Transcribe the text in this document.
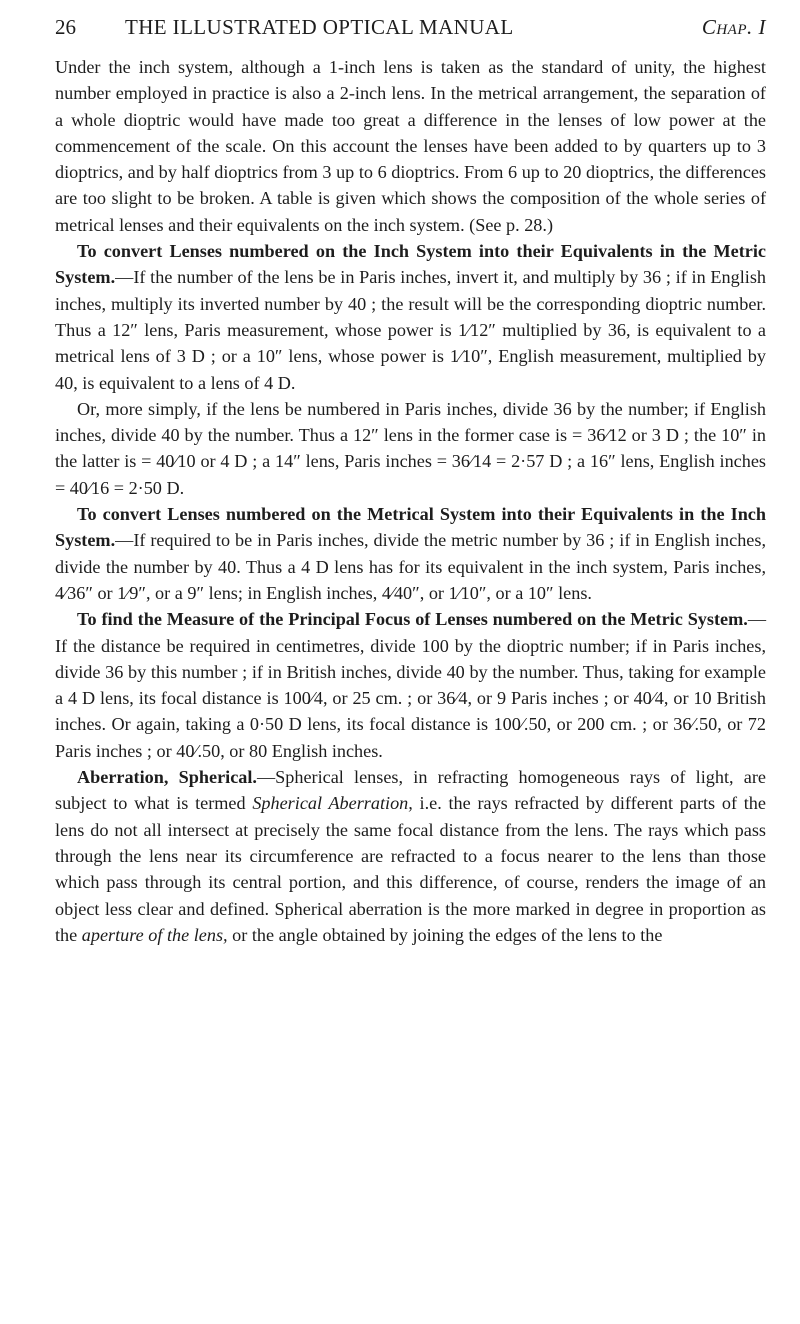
26 THE ILLUSTRATED OPTICAL MANUAL	Chap. I

Under the inch system, although a 1-inch lens is taken as the standard of unity, the highest number employed in practice is also a 2-inch lens. In the metrical arrangement, the separation of a whole dioptric would have made too great a difference in the lenses of low power at the commencement of the scale. On this account the lenses have been added to by quarters up to 3 dioptrics, and by half dioptrics from 3 up to 6 dioptrics. From 6 up to 20 dioptrics, the differences are too slight to be broken. A table is given which shows the composition of the whole series of metrical lenses and their equivalents on the inch system. (See p. 28.)

To convert Lenses numbered on the Inch System into their Equivalents in the Metric System.—If the number of the lens be in Paris inches, invert it, and multiply by 36 ; if in English inches, multiply its inverted number by 40 ; the result will be the corresponding dioptric number. Thus a 12″ lens, Paris measurement, whose power is 1⁄12″ multiplied by 36, is equivalent to a metrical lens of 3 D ; or a 10″ lens, whose power is 1⁄10″, English measurement, multiplied by 40, is equivalent to a lens of 4 D.

Or, more simply, if the lens be numbered in Paris inches, divide 36 by the number; if English inches, divide 40 by the number. Thus a 12″ lens in the former case is = 36⁄12 or 3 D ; the 10″ in the latter is = 40⁄10 or 4 D ; a 14″ lens, Paris inches = 36⁄14 = 2·57 D ; a 16″ lens, English inches = 40⁄16 = 2·50 D.

To convert Lenses numbered on the Metrical System into their Equivalents in the Inch System.—If required to be in Paris inches, divide the metric number by 36 ; if in English inches, divide the number by 40. Thus a 4 D lens has for its equivalent in the inch system, Paris inches, 4⁄36″ or 1⁄9″, or a 9″ lens; in English inches, 4⁄40″, or 1⁄10″, or a 10″ lens.

To find the Measure of the Principal Focus of Lenses numbered on the Metric System.—If the distance be required in centimetres, divide 100 by the dioptric number; if in Paris inches, divide 36 by this number ; if in British inches, divide 40 by the number. Thus, taking for example a 4 D lens, its focal distance is 100⁄4, or 25 cm. ; or 36⁄4, or 9 Paris inches ; or 40⁄4, or 10 British inches. Or again, taking a 0·50 D lens, its focal distance is 100⁄.50, or 200 cm. ; or 36⁄.50, or 72 Paris inches ; or 40⁄.50, or 80 English inches.

Aberration, Spherical.—Spherical lenses, in refracting homogeneous rays of light, are subject to what is termed Spherical Aberration, i.e. the rays refracted by different parts of the lens do not all intersect at precisely the same focal distance from the lens. The rays which pass through the lens near its circumference are refracted to a focus nearer to the lens than those which pass through its central portion, and this difference, of course, renders the image of an object less clear and defined. Spherical aberration is the more marked in degree in proportion as the aperture of the lens, or the angle obtained by joining the edges of the lens to the
